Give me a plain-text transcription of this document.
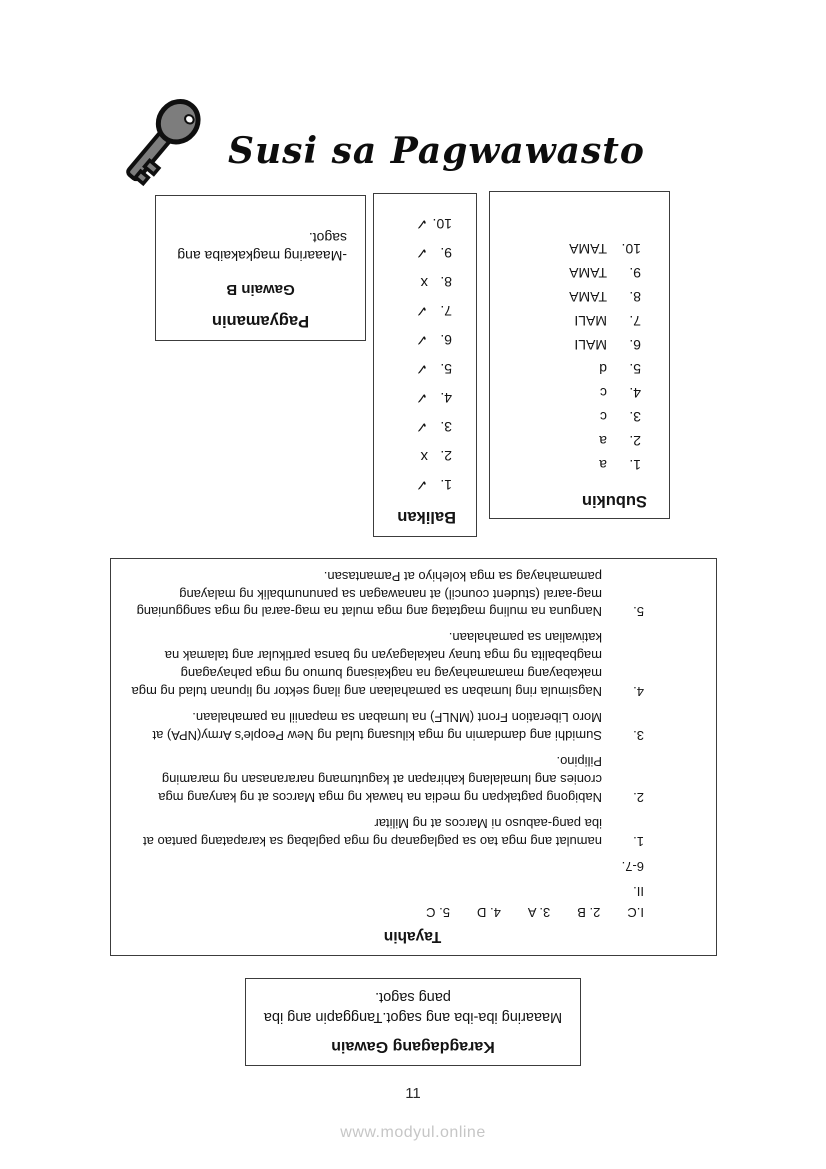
Susi sa Pagwawasto
Pagyamanin
Gawain B
-Maaaring magkakaiba ang sagot.
Balikan
1.
✓
2.
x
3.
✓
4.
✓
5.
✓
6.
✓
7.
✓
8.
x
9.
✓
10.
✓
Subukin
1.
a
2.
a
3.
c
4.
c
5.
d
6.
MALI
7.
MALI
8.
TAMA
9.
TAMA
10.
TAMA
Tayahin
I.C
2. B
3. A
4. D
5. C
II.
6-7.
1.
namulat ang mga tao sa paglaganap ng mga paglabag sa karapatang pantao at iba pang-aabuso ni Marcos at ng Militar
2.
Nabigong pagtakpan ng media na hawak ng mga Marcos at ng kanyang mga cronies ang lumalalang kahirapan at kagutumang nararanasan ng maraming Pilipino.
3.
Sumidhi ang damdamin ng mga kilusang tulad ng New People's Army(NPA) at Moro Liberation Front (MNLF) na lumaban sa mapaniil na pamahalaan.
4.
Nagsimula ring lumaban sa pamahalaan ang ilang sektor ng lipunan tulad ng mga makabayang mamamahayag na nagkaisang bumuo ng mga pahayagang magbabalita ng mga tunay nakalagayan ng bansa partikular ang talamak na katiwalian sa pamahalaan.
5.
Nanguna na muling magtatag ang mga mulat na mag-aaral ng mga sangguniang mag-aaral (student council) at nanawagan sa panunumbalik ng malayang pamamahayag sa mga kolehiyo at Pamantasan.
Karagdagang Gawain
Maaaring iba-iba ang sagot.Tanggapin ang iba pang sagot.
11
www.modyul.online
